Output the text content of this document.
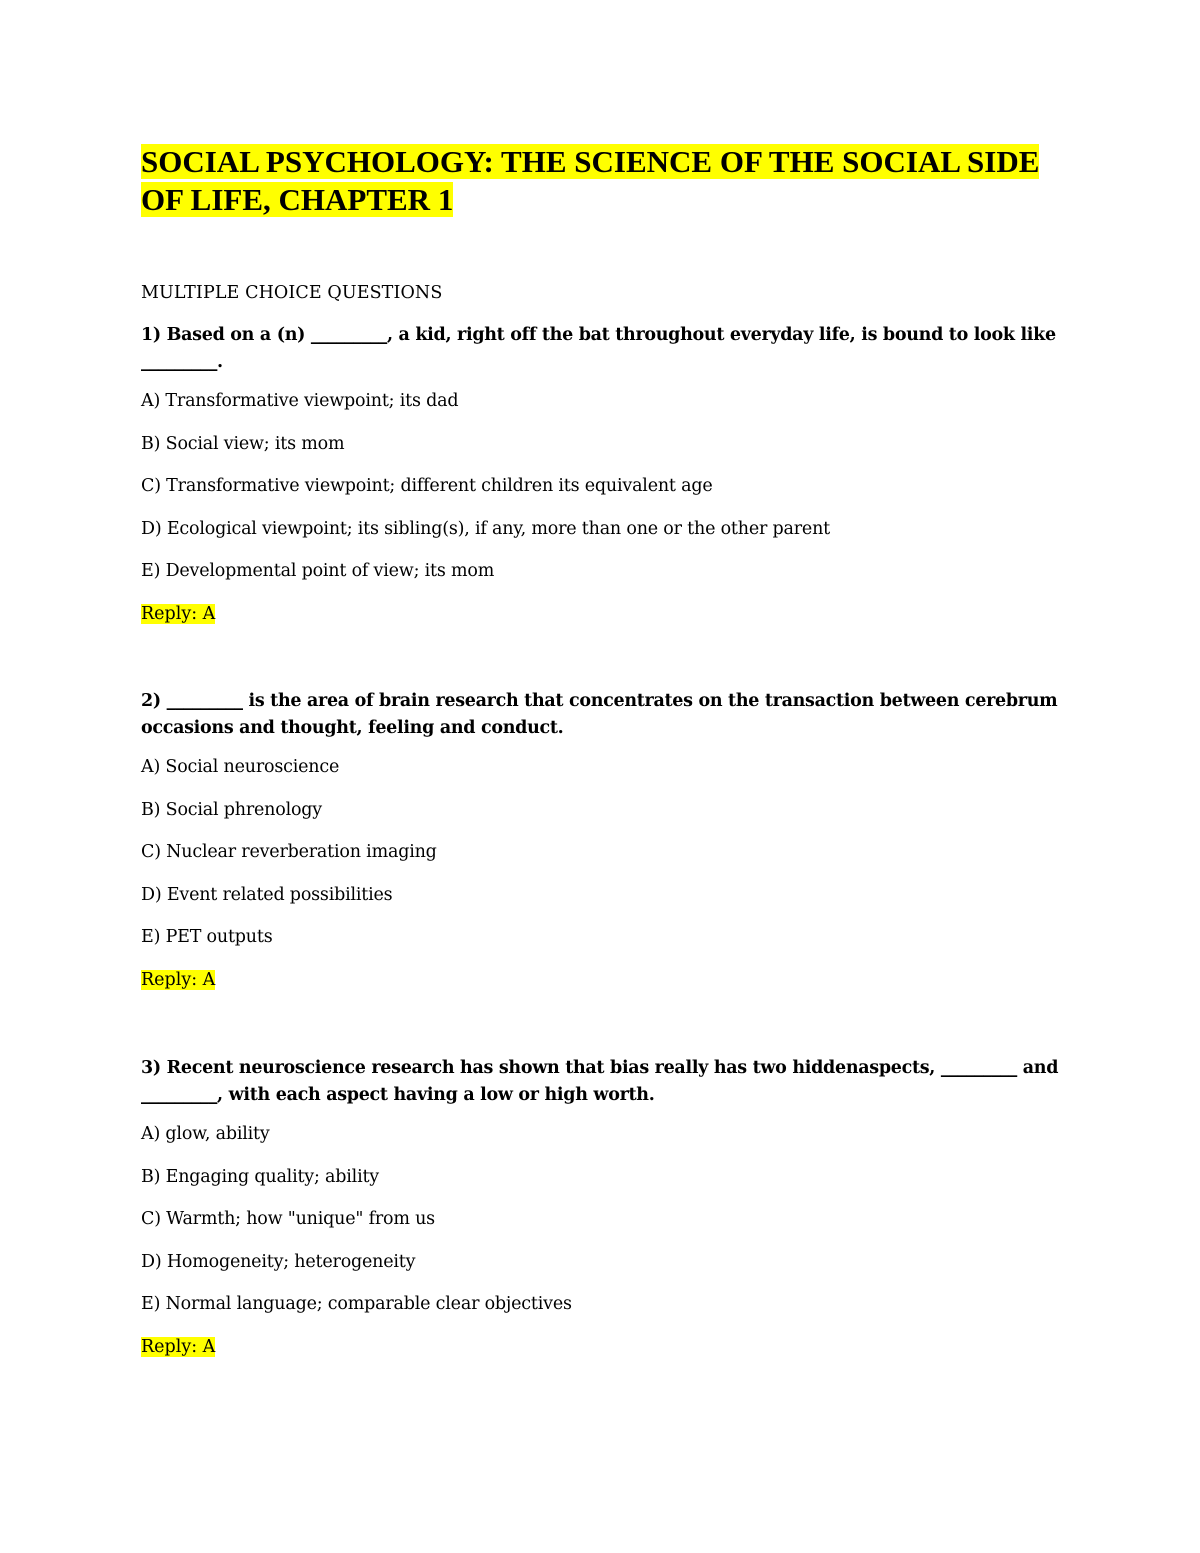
SOCIAL PSYCHOLOGY: THE SCIENCE OF THE SOCIAL SIDE
OF LIFE, CHAPTER 1

MULTIPLE CHOICE QUESTIONS

1) Based on a (n) _________, a kid, right off the bat throughout everyday life, is bound to look like _________.

A) Transformative viewpoint; its dad

B) Social view; its mom

C) Transformative viewpoint; different children its equivalent age

D) Ecological viewpoint; its sibling(s), if any, more than one or the other parent

E) Developmental point of view; its mom

Reply: A

2) _________ is the area of brain research that concentrates on the transaction between cerebrum occasions and thought, feeling and conduct.

A) Social neuroscience

B) Social phrenology

C) Nuclear reverberation imaging

D) Event related possibilities

E) PET outputs

Reply: A

3) Recent neuroscience research has shown that bias really has two hiddenaspects, _________ and _________, with each aspect having a low or high worth.

A) glow, ability

B) Engaging quality; ability

C) Warmth; how "unique" from us

D) Homogeneity; heterogeneity

E) Normal language; comparable clear objectives

Reply: A
